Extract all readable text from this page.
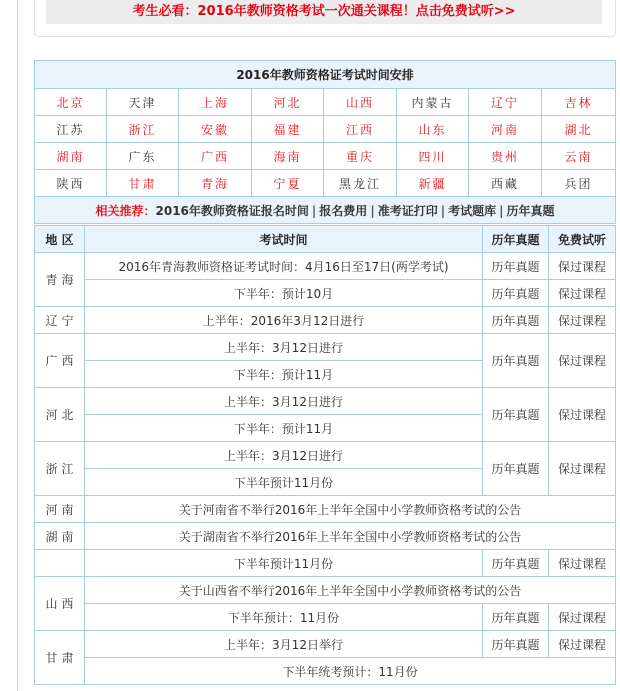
考生必看：2016年教师资格考试一次通关课程！点击免费试听>>
2016年教师资格证考试时间安排							
北京	天津	上海	河北	山西	内蒙古	辽宁	吉林
江苏	浙江	安徽	福建	江西	山东	河南	湖北
湖南	广东	广西	海南	重庆	四川	贵州	云南
陕西	甘肃	青海	宁夏	黑龙江	新疆	西藏	兵团
相关推荐：2016年教师资格证报名时间 | 报名费用 | 准考证打印 | 考试题库 | 历年真题							
地 区	考试时间	历年真题	免费试听
青海	2016年青海教师资格证考试时间：4月16日至17日(两学考试)	历年真题	保过课程
	下半年：预计10月	历年真题	保过课程
辽宁	上半年：2016年3月12日进行	历年真题	保过课程
广西	上半年：3月12日进行	历年真题	保过课程
	下半年：预计11月		
河北	上半年：3月12日进行	历年真题	保过课程
	下半年：预计11月		
浙江	上半年：3月12日进行	历年真题	保过课程
	下半年预计11月份		
河南	关于河南省不举行2016年上半年全国中小学教师资格考试的公告		
湖南	关于湖南省不举行2016年上半年全国中小学教师资格考试的公告		
	下半年预计11月份	历年真题	保过课程
山西	关于山西省不举行2016年上半年全国中小学教师资格考试的公告		
	下半年预计：11月份	历年真题	保过课程
甘肃	上半年：3月12日举行	历年真题	保过课程
	下半年统考预计：11月份		
